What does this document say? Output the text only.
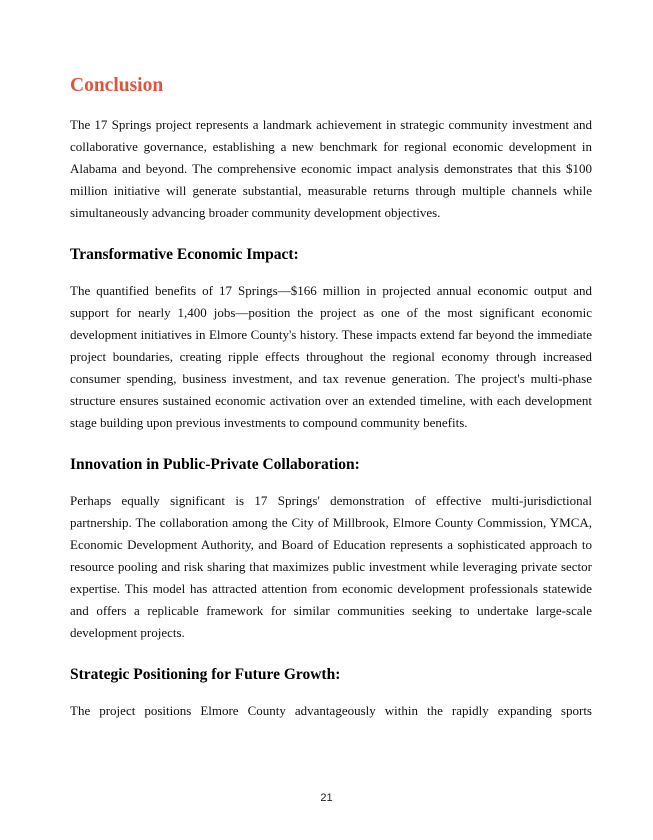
Conclusion

The 17 Springs project represents a landmark achievement in strategic community investment and collaborative governance, establishing a new benchmark for regional economic development in Alabama and beyond. The comprehensive economic impact analysis demonstrates that this $100 million initiative will generate substantial, measurable returns through multiple channels while simultaneously advancing broader community development objectives.

Transformative Economic Impact:

The quantified benefits of 17 Springs—$166 million in projected annual economic output and support for nearly 1,400 jobs—position the project as one of the most significant economic development initiatives in Elmore County's history. These impacts extend far beyond the immediate project boundaries, creating ripple effects throughout the regional economy through increased consumer spending, business investment, and tax revenue generation. The project's multi-phase structure ensures sustained economic activation over an extended timeline, with each development stage building upon previous investments to compound community benefits.

Innovation in Public-Private Collaboration:

Perhaps equally significant is 17 Springs' demonstration of effective multi-jurisdictional partnership. The collaboration among the City of Millbrook, Elmore County Commission, YMCA, Economic Development Authority, and Board of Education represents a sophisticated approach to resource pooling and risk sharing that maximizes public investment while leveraging private sector expertise. This model has attracted attention from economic development professionals statewide and offers a replicable framework for similar communities seeking to undertake large-scale development projects.

Strategic Positioning for Future Growth:

The project positions Elmore County advantageously within the rapidly expanding sports

21
